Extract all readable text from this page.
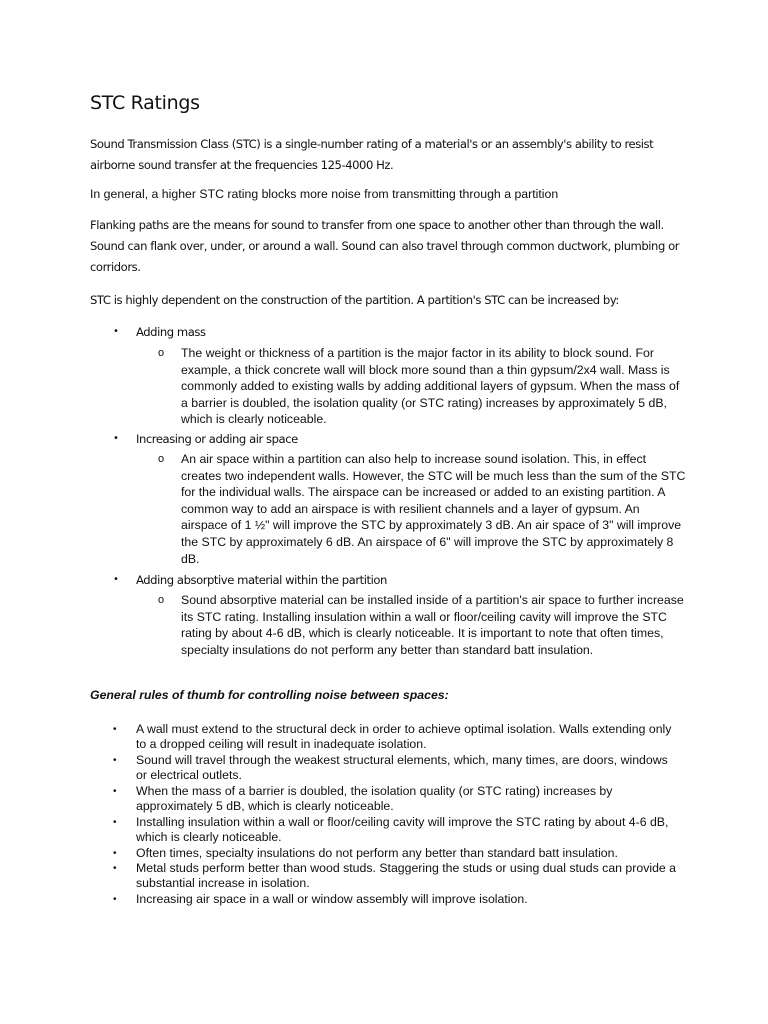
STC Ratings

Sound Transmission Class (STC) is a single-number rating of a material's or an assembly's ability to resist airborne sound transfer at the frequencies 125-4000 Hz.

In general, a higher STC rating blocks more noise from transmitting through a partition

Flanking paths are the means for sound to transfer from one space to another other than through the wall. Sound can flank over, under, or around a wall. Sound can also travel through common ductwork, plumbing or corridors.

STC is highly dependent on the construction of the partition. A partition's STC can be increased by:

• Adding mass
o The weight or thickness of a partition is the major factor in its ability to block sound. For example, a thick concrete wall will block more sound than a thin gypsum/2x4 wall. Mass is commonly added to existing walls by adding additional layers of gypsum. When the mass of a barrier is doubled, the isolation quality (or STC rating) increases by approximately 5 dB, which is clearly noticeable.
• Increasing or adding air space
o An air space within a partition can also help to increase sound isolation. This, in effect creates two independent walls. However, the STC will be much less than the sum of the STC for the individual walls. The airspace can be increased or added to an existing partition. A common way to add an airspace is with resilient channels and a layer of gypsum. An airspace of 1 ½" will improve the STC by approximately 3 dB. An air space of 3" will improve the STC by approximately 6 dB. An airspace of 6" will improve the STC by approximately 8 dB.
• Adding absorptive material within the partition
o Sound absorptive material can be installed inside of a partition's air space to further increase its STC rating. Installing insulation within a wall or floor/ceiling cavity will improve the STC rating by about 4-6 dB, which is clearly noticeable. It is important to note that often times, specialty insulations do not perform any better than standard batt insulation.

General rules of thumb for controlling noise between spaces:

• A wall must extend to the structural deck in order to achieve optimal isolation. Walls extending only to a dropped ceiling will result in inadequate isolation.
• Sound will travel through the weakest structural elements, which, many times, are doors, windows or electrical outlets.
• When the mass of a barrier is doubled, the isolation quality (or STC rating) increases by approximately 5 dB, which is clearly noticeable.
• Installing insulation within a wall or floor/ceiling cavity will improve the STC rating by about 4-6 dB, which is clearly noticeable.
• Often times, specialty insulations do not perform any better than standard batt insulation.
• Metal studs perform better than wood studs. Staggering the studs or using dual studs can provide a substantial increase in isolation.
• Increasing air space in a wall or window assembly will improve isolation.
